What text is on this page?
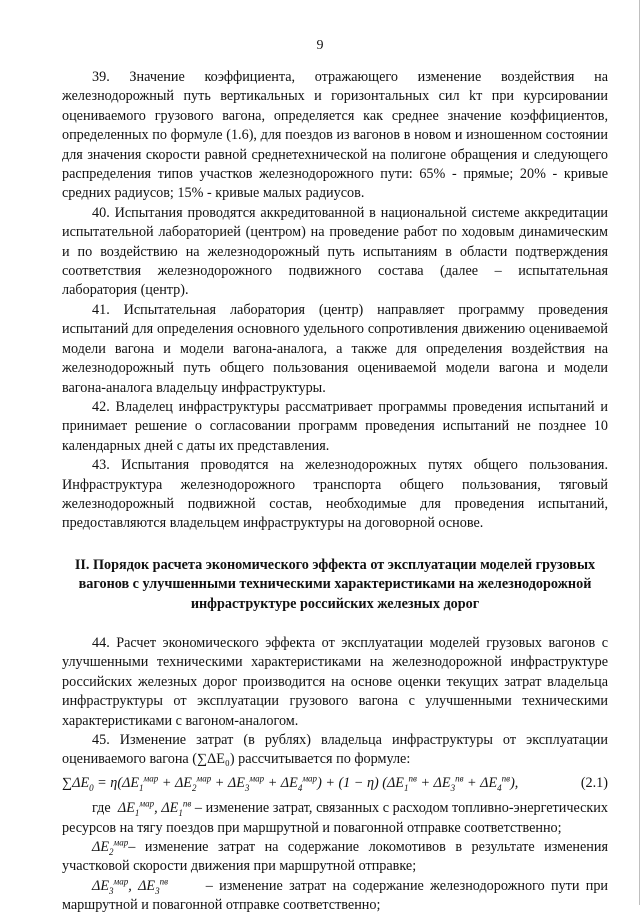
9

39. Значение коэффициента, отражающего изменение воздействия на железнодорожный путь вертикальных и горизонтальных сил kт при курсировании оцениваемого грузового вагона, определяется как среднее значение коэффициентов, определенных по формуле (1.6), для поездов из вагонов в новом и изношенном состоянии для значения скорости равной среднетехнической на полигоне обращения и следующего распределения типов участков железнодорожного пути: 65% - прямые; 20% - кривые средних радиусов; 15% - кривые малых радиусов.

40. Испытания проводятся аккредитованной в национальной системе аккредитации испытательной лабораторией (центром) на проведение работ по ходовым динамическим и по воздействию на железнодорожный путь испытаниям в области подтверждения соответствия железнодорожного подвижного состава (далее – испытательная лаборатория (центр).

41. Испытательная лаборатория (центр) направляет программу проведения испытаний для определения основного удельного сопротивления движению оцениваемой модели вагона и модели вагона-аналога, а также для определения воздействия на железнодорожный путь общего пользования оцениваемой модели вагона и модели вагона-аналога владельцу инфраструктуры.

42. Владелец инфраструктуры рассматривает программы проведения испытаний и принимает решение о согласовании программ проведения испытаний не позднее 10 календарных дней с даты их представления.

43. Испытания проводятся на железнодорожных путях общего пользования. Инфраструктура железнодорожного транспорта общего пользования, тяговый железнодорожный подвижной состав, необходимые для проведения испытаний, предоставляются владельцем инфраструктуры на договорной основе.

II. Порядок расчета экономического эффекта от эксплуатации моделей грузовых вагонов с улучшенными техническими характеристиками на железнодорожной инфраструктуре российских железных дорог

44. Расчет экономического эффекта от эксплуатации моделей грузовых вагонов с улучшенными техническими характеристиками на железнодорожной инфраструктуре российских железных дорог производится на основе оценки текущих затрат владельца инфраструктуры от эксплуатации грузового вагона с улучшенными техническими характеристиками с вагоном-аналогом.

45. Изменение затрат (в рублях) владельца инфраструктуры от эксплуатации оцениваемого вагона (∑ΔE₀) рассчитывается по формуле:

$\sum\Delta E_0 = \eta(\Delta E_1^{мар} + \Delta E_2^{мар} + \Delta E_3^{мар} + \Delta E_4^{мар}) + (1 - \eta) (\Delta E_1^{пв} + \Delta E_3^{пв} + \Delta E_4^{пв})$,	(2.1)

где $\Delta E_1^{мар}$, $\Delta E_1^{пв}$ – изменение затрат, связанных с расходом топливно-энергетических ресурсов на тягу поездов при маршрутной и повагонной отправке соответственно;

$\Delta E_2^{мар}-$ изменение затрат на содержание локомотивов в результате изменения участковой скорости движения при маршрутной отправке;

$\Delta E_3^{мар}$, $\Delta E_3^{пв}$	– изменение затрат на содержание железнодорожного пути при маршрутной и повагонной отправке соответственно;
